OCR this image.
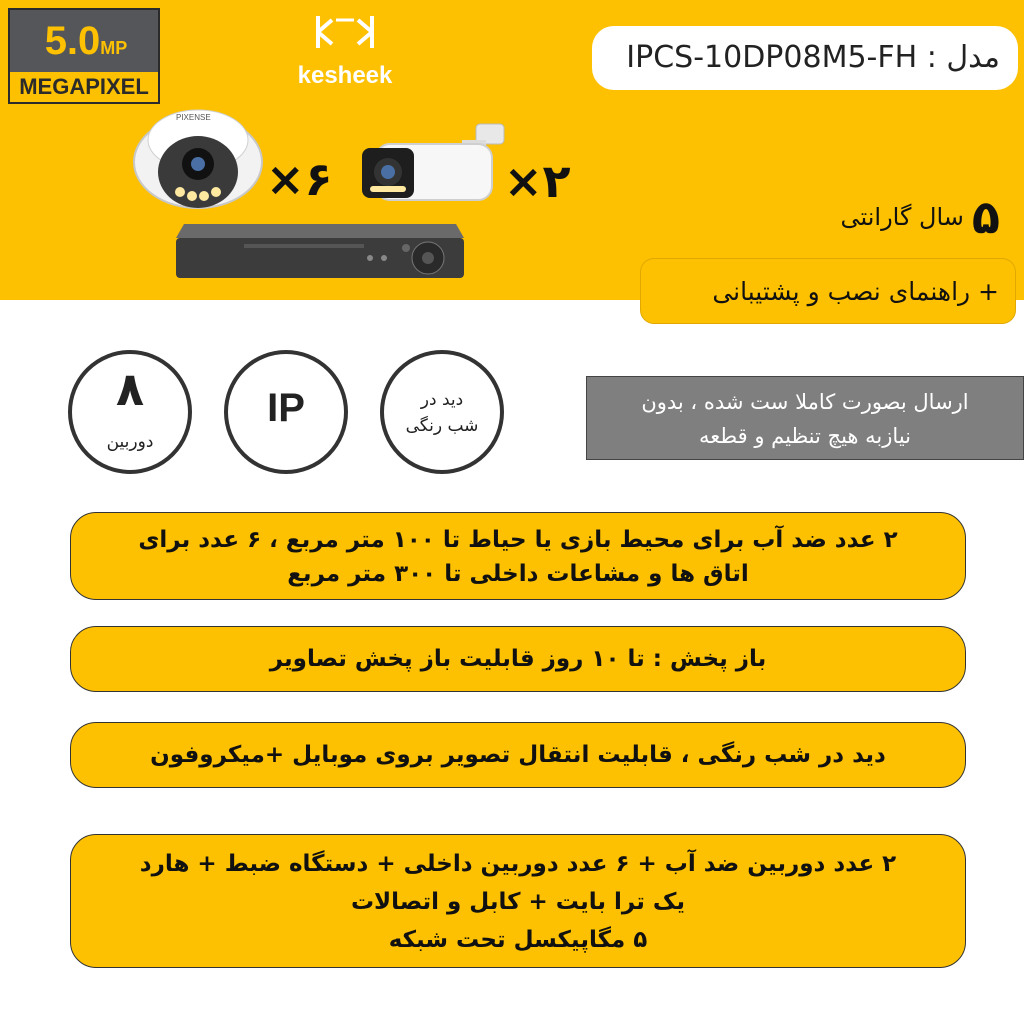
5.0MP
MEGAPIXEL	kesheek
مدل : IPCS-10DP08M5-FH
PIXENSE
×۶	×۲
۵
سال گارانتی
+ راهنمای نصب و پشتیبانی
۸
دوربین
IP	دید در
شب رنگی
ارسال بصورت کاملا ست شده ، بدون
نیازبه هیچ تنظیم و قطعه
۲ عدد ضد آب برای محیط بازی یا حیاط تا ۱۰۰ متر مربع ، ۶ عدد برای
اتاق ها و مشاعات داخلی تا ۳۰۰ متر مربع
باز پخش : تا ۱۰ روز قابلیت باز پخش تصاویر
دید در شب رنگی ، قابلیت انتقال تصویر بروی موبایل +میکروفون
۲ عدد دوربین ضد آب + ۶ عدد دوربین داخلی + دستگاه ضبط + هارد
یک ترا بایت + کابل و اتصالات
۵ مگاپیکسل تحت شبکه
